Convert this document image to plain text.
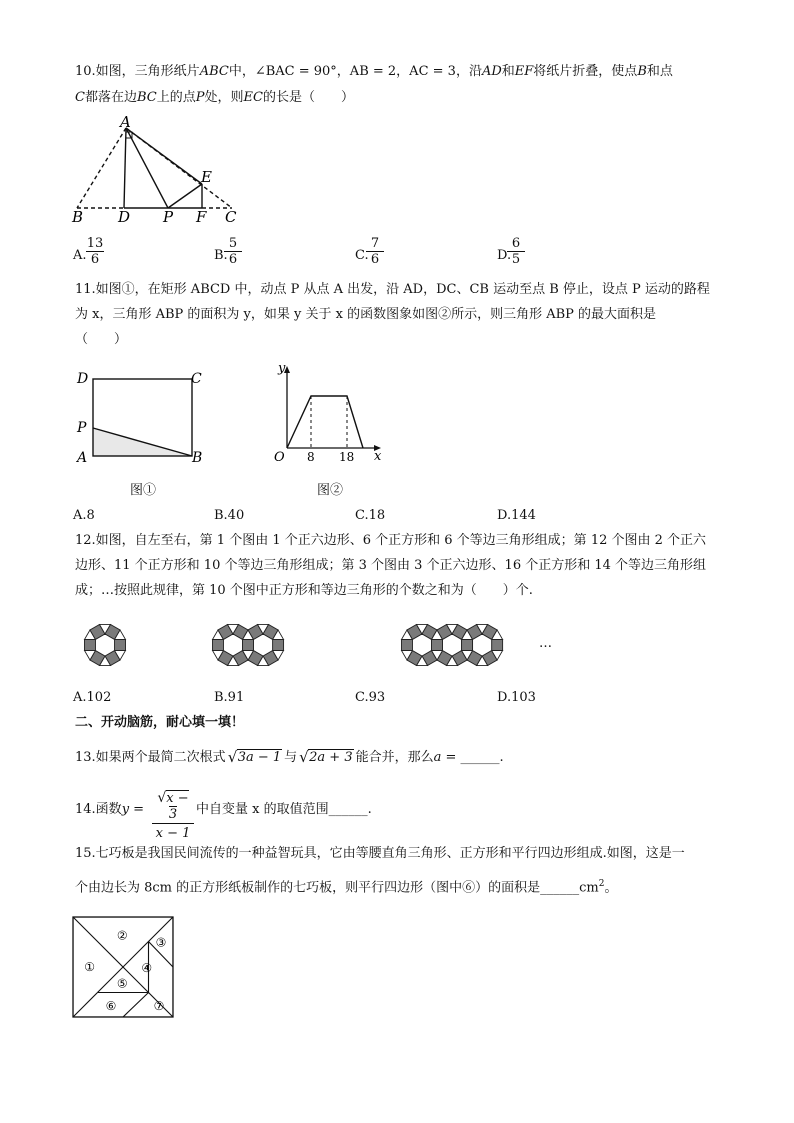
10.如图，三角形纸片ABC中，∠BAC = 90°，AB = 2，AC = 3，沿AD和EF将纸片折叠，使点B和点
C都落在边BC上的点P处，则EC的长是（　　）
A
B D P F C
E
A. $\frac{13}{6}$	B.
$\frac{5}{6}$	C.
$\frac{7}{6}$	D.
$\frac{6}{5}$
11.如图①，在矩形 ABCD 中，动点 P 从点 A 出发，沿 AD，DC、CB 运动至点 B 停止，设点 P 运动的路程
为 x，三角形 ABP 的面积为 y，如果 y 关于 x 的函数图象如图②所示，则三角形 ABP 的最大面积是
（　　）
D	C
P
A	B
图①
y
O 8 18 x
图②
A.8	B.40	C.18	D.144
12.如图，自左至右，第 1 个图由 1 个正六边形、6 个正方形和 6 个等边三角形组成；第 12 个图由 2 个正六
边形、11 个正方形和 10 个等边三角形组成；第 3 个图由 3 个正六边形、16 个正方形和 14 个等边三角形组
成；…按照此规律，第 10 个图中正方形和等边三角形的个数之和为（　　）个.
…
A.102	B.91	C.93	D.103
二、开动脑筋，耐心填一填！
13.如果两个最简二次根式 √ 3a − 1 与 √ 2a + 3 能合并，那么a = ______.
14.函数y =
√x − 3
x − 1
中自变量 x 的取值范围______.
15.七巧板是我国民间流传的一种益智玩具，它由等腰直角三角形、正方形和平行四边形组成.如图，这是一
个由边长为 8cm 的正方形纸板制作的七巧板，则平行四边形（图中⑥）的面积是$\_\_\_\_\_\_cm^2$。
①
②
③
④
⑤
⑥	⑦
